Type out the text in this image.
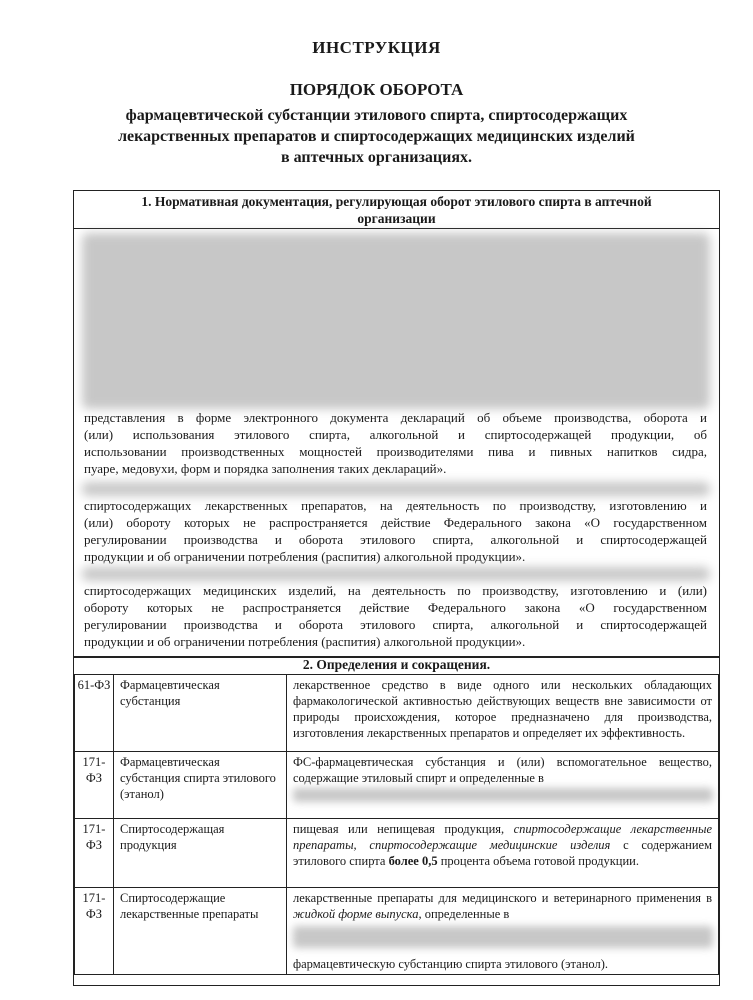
ИНСТРУКЦИЯ
ПОРЯДОК ОБОРОТА
фармацевтической субстанции этилового спирта, спиртосодержащих
лекарственных препаратов и спиртосодержащих медицинских изделий
в аптечных организациях.
1. Нормативная документация, регулирующая оборот этилового спирта в аптечной
организации
представления в форме электронного документа деклараций об объеме производства, оборота и
(или) использования этилового спирта, алкогольной и спиртосодержащей продукции, об
использовании производственных мощностей производителями пива и пивных напитков сидра,
пуаре, медовухи, форм и порядка заполнения таких деклараций».
спиртосодержащих лекарственных препаратов, на деятельность по производству, изготовлению и
(или) обороту которых не распространяется действие Федерального закона «О государственном
регулировании производства и оборота этилового спирта, алкогольной и спиртосодержащей
продукции и об ограничении потребления (распития) алкогольной продукции».
спиртосодержащих медицинских изделий, на деятельность по производству, изготовлению и (или)
обороту которых не распространяется действие Федерального закона «О государственном
регулировании производства и оборота этилового спирта, алкогольной и спиртосодержащей
продукции и об ограничении потребления (распития) алкогольной продукции».
2. Определения и сокращения.
61-ФЗ	Фармацевтическая субстанция	лекарственное средство в виде одного или нескольких обладающих фармакологической активностью действующих веществ вне зависимости от природы происхождения, которое предназначено для производства, изготовления лекарственных препаратов и определяет их эффективность.
171-ФЗ	Фармацевтическая субстанция спирта этилового (этанол)	ФС-фармацевтическая субстанция и (или) вспомогательное вещество, содержащие этиловый спирт и определенные в

171-ФЗ	Спиртосодержащая продукция	пищевая или непищевая продукция, спиртосодержащие лекарственные препараты, спиртосодержащие медицинские изделия с содержанием этилового спирта более 0,5 процента объема готовой продукции.
171-ФЗ	Спиртосодержащие лекарственные препараты	лекарственные препараты для медицинского и ветеринарного применения в жидкой форме выпуска, определенные в
фармацевтическую субстанцию спирта этилового (этанол).
